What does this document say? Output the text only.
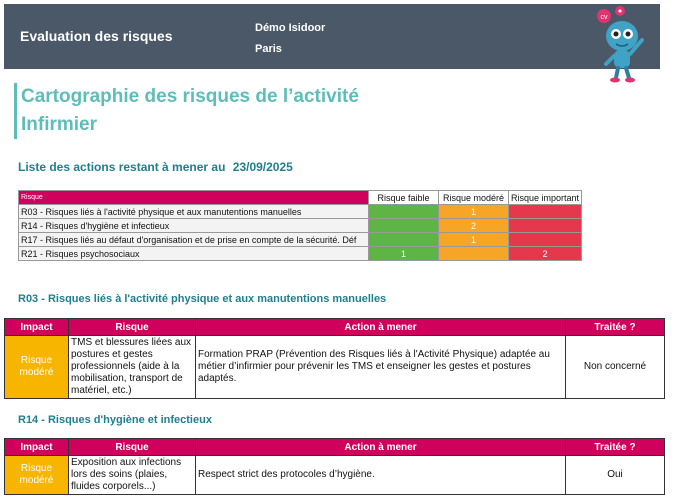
Evaluation des risques	Démo Isidoor
Paris
cv
Cartographie des risques de l’activité
Infirmier
Liste des actions restant à mener au 23/09/2025
Risque	Risque faible	Risque modéré	Risque important
R03 - Risques liés à l'activité physique et aux manutentions manuelles		1	
R14 - Risques d'hygiène et infectieux		2	
R17 - Risques liés au défaut d'organisation et de prise en compte de la sécurité. Déf		1	
R21 - Risques psychosociaux	1		2
R03 - Risques liés à l'activité physique et aux manutentions manuelles
Impact	Risque	Action à mener	Traitée ?
Risque modéré	TMS et blessures liées aux postures et gestes professionnels (aide à la mobilisation, transport de matériel, etc.)	Formation PRAP (Prévention des Risques liés à l'Activité Physique) adaptée au métier d’infirmier pour prévenir les TMS et enseigner les gestes et postures adaptés.	Non concerné
R14 - Risques d'hygiène et infectieux
Impact	Risque	Action à mener	Traitée ?
Risque modéré	Exposition aux infections lors des soins (plaies, fluides corporels...)	Respect strict des protocoles d’hygiène.	Oui
